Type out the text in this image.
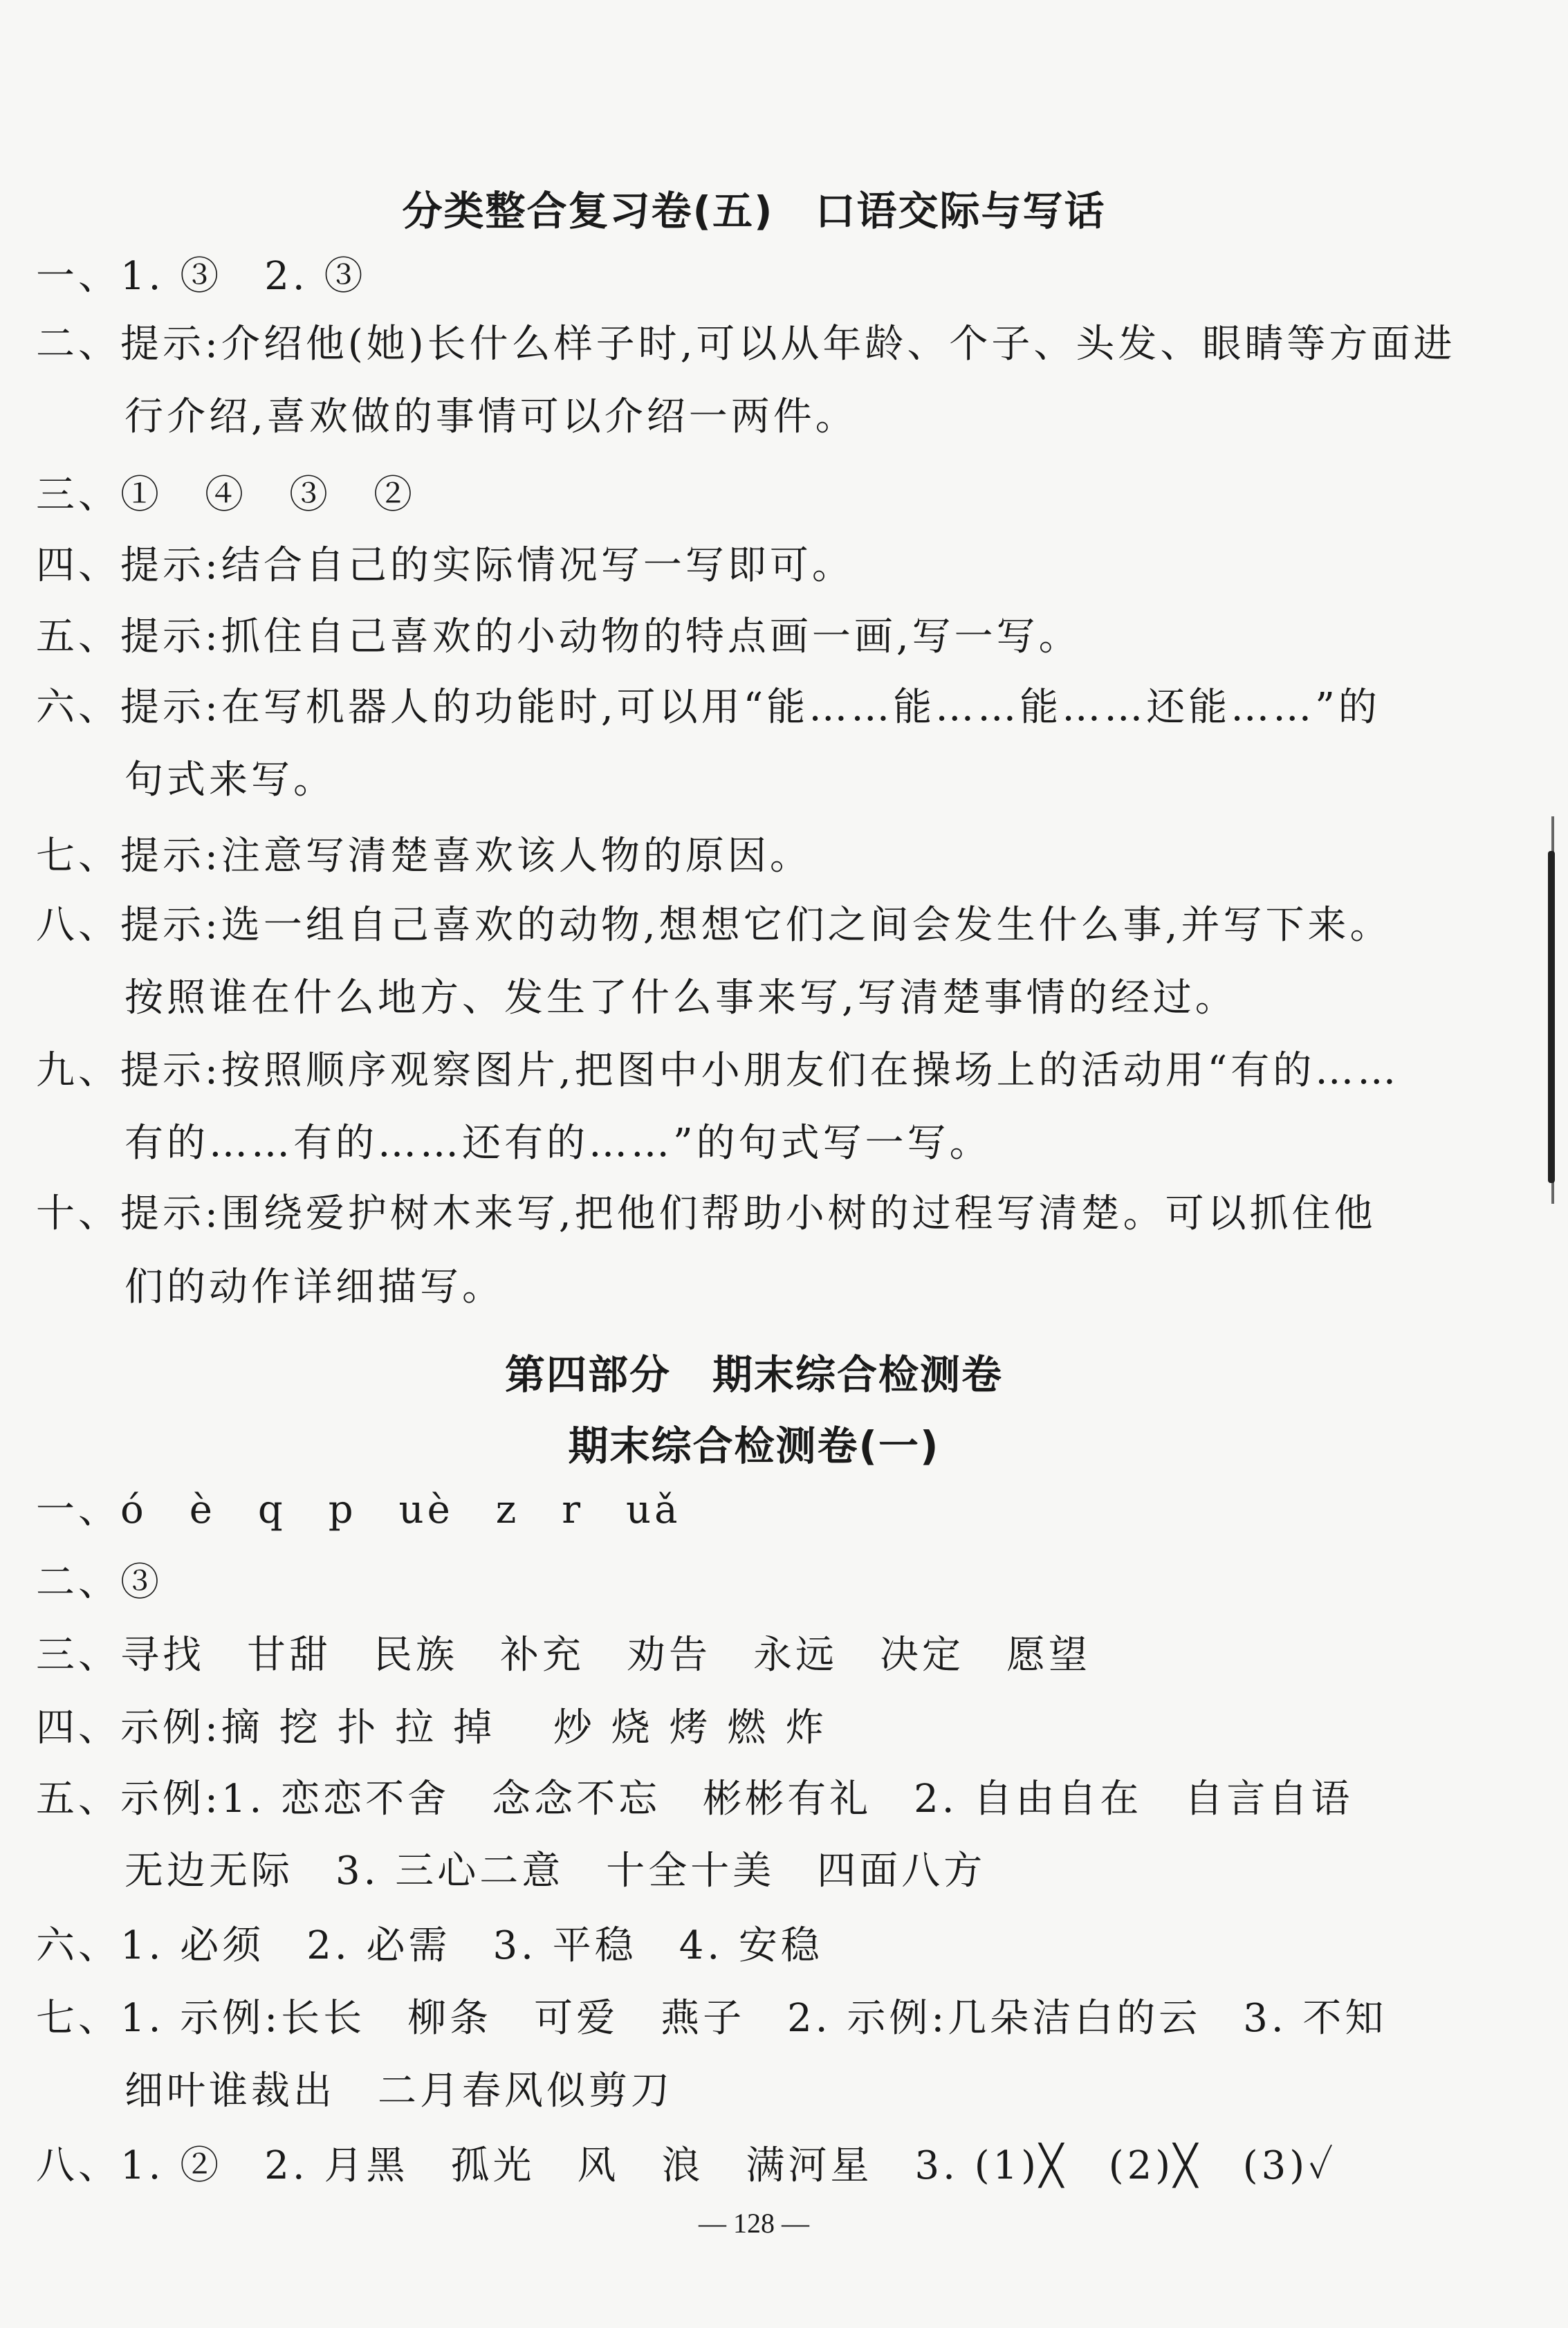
分类整合复习卷(五)　口语交际与写话
一、1. ③　2. ③
二、提示:介绍他(她)长什么样子时,可以从年龄、个子、头发、眼睛等方面进
行介绍,喜欢做的事情可以介绍一两件。
三、①　④　③　②
四、提示:结合自己的实际情况写一写即可。
五、提示:抓住自己喜欢的小动物的特点画一画,写一写。
六、提示:在写机器人的功能时,可以用“能……能……能……还能……”的
句式来写。
七、提示:注意写清楚喜欢该人物的原因。
八、提示:选一组自己喜欢的动物,想想它们之间会发生什么事,并写下来。
按照谁在什么地方、发生了什么事来写,写清楚事情的经过。
九、提示:按照顺序观察图片,把图中小朋友们在操场上的活动用“有的……
有的……有的……还有的……”的句式写一写。
十、提示:围绕爱护树木来写,把他们帮助小树的过程写清楚。可以抓住他
们的动作详细描写。
第四部分　期末综合检测卷
期末综合检测卷(一)
一、ó　è　q　p　uè　z　r　uǎ
二、③
三、寻找　甘甜　民族　补充　劝告　永远　决定　愿望
四、示例:摘 挖 扑 拉 掉　 炒 烧 烤 燃 炸
五、示例:1. 恋恋不舍　念念不忘　彬彬有礼　2. 自由自在　自言自语
无边无际　3. 三心二意　十全十美　四面八方
六、1. 必须　2. 必需　3. 平稳　4. 安稳
七、1. 示例:长长　柳条　可爱　燕子　2. 示例:几朵洁白的云　3. 不知
细叶谁裁出　二月春风似剪刀
八、1. ②　2. 月黑　孤光　风　浪　满河星　3. (1)╳　(2)╳　(3)✓
— 128 —
